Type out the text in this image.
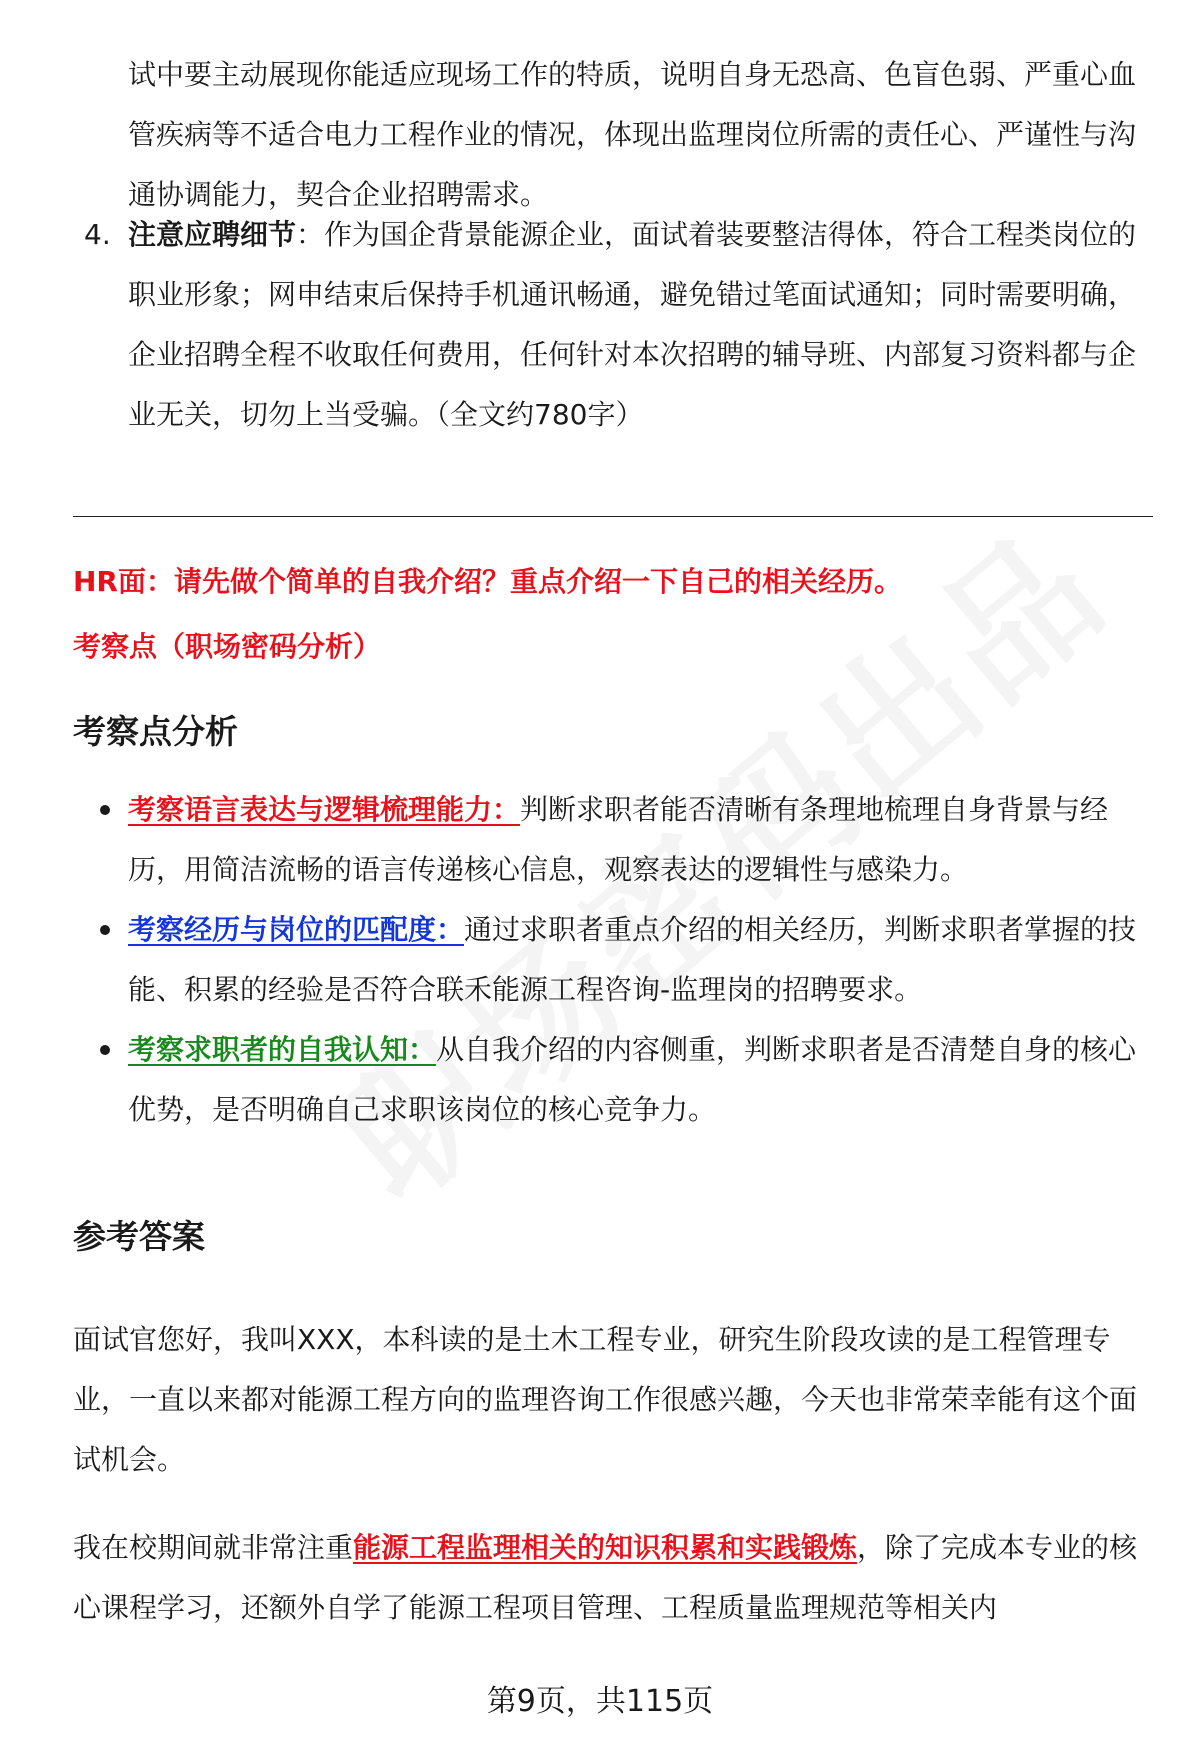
试中要主动展现你能适应现场工作的特质，说明自身无恐高、色盲色弱、严重心血管疾病等不适合电力工程作业的情况，体现出监理岗位所需的责任心、严谨性与沟通协调能力，契合企业招聘需求。
4. 注意应聘细节：作为国企背景能源企业，面试着装要整洁得体，符合工程类岗位的职业形象；网申结束后保持手机通讯畅通，避免错过笔面试通知；同时需要明确，企业招聘全程不收取任何费用，任何针对本次招聘的辅导班、内部复习资料都与企业无关，切勿上当受骗。（全文约780字）
HR面：请先做个简单的自我介绍？重点介绍一下自己的相关经历。
考察点（职场密码分析）
考察点分析
考察语言表达与逻辑梳理能力：判断求职者能否清晰有条理地梳理自身背景与经历，用简洁流畅的语言传递核心信息，观察表达的逻辑性与感染力。
考察经历与岗位的匹配度：通过求职者重点介绍的相关经历，判断求职者掌握的技能、积累的经验是否符合联禾能源工程咨询-监理岗的招聘要求。
考察求职者的自我认知：从自我介绍的内容侧重，判断求职者是否清楚自身的核心优势，是否明确自己求职该岗位的核心竞争力。
参考答案
面试官您好，我叫XXX，本科读的是土木工程专业，研究生阶段攻读的是工程管理专业，一直以来都对能源工程方向的监理咨询工作很感兴趣，今天也非常荣幸能有这个面试机会。
我在校期间就非常注重能源工程监理相关的知识积累和实践锻炼，除了完成本专业的核心课程学习，还额外自学了能源工程项目管理、工程质量监理规范等相关内
第9页，共115页
